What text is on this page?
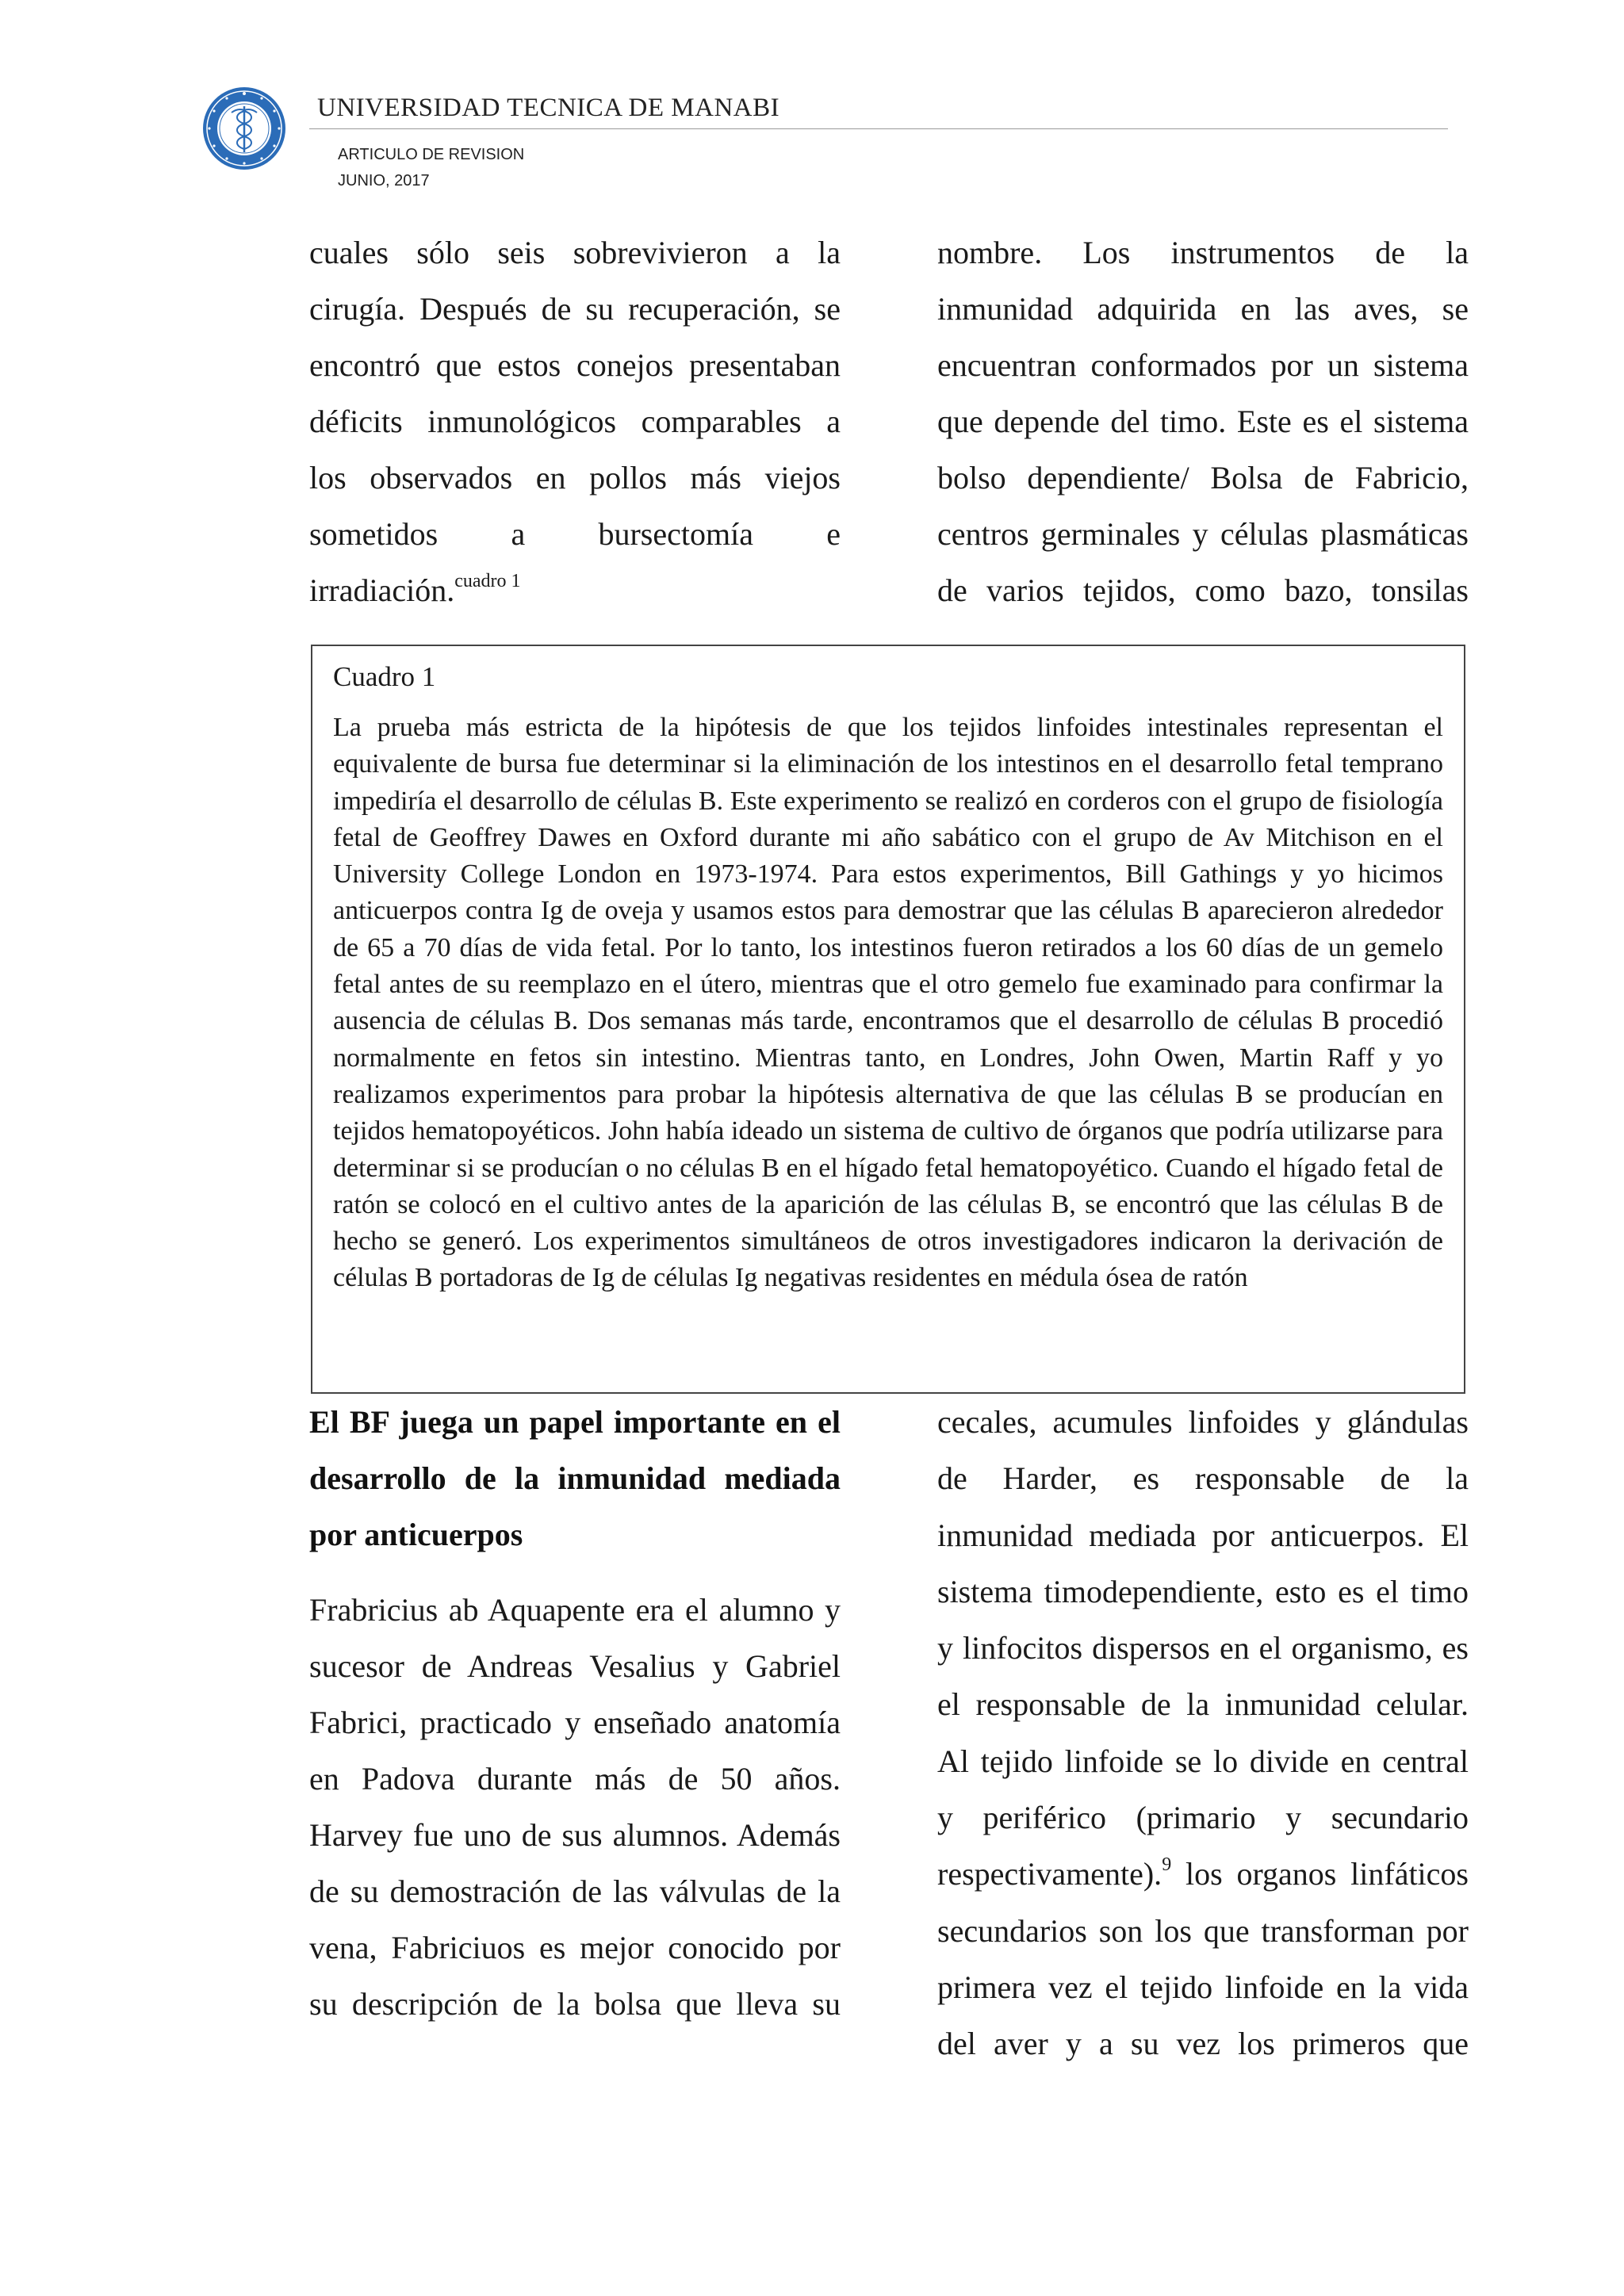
UNIVERSIDAD TECNICA DE MANABI
ARTICULO DE REVISION
JUNIO, 2017
cuales sólo seis sobrevivieron a la
cirugía. Después de su recuperación, se
encontró que estos conejos presentaban
déficits inmunológicos comparables a
los observados en pollos más viejos
sometidos a bursectomía e
irradiación.$^{cuadro 1}$
nombre. Los instrumentos de la
inmunidad adquirida en las aves, se
encuentran conformados por un sistema
que depende del timo. Este es el sistema
bolso dependiente/ Bolsa de Fabricio,
centros germinales y células plasmáticas
de varios tejidos, como bazo, tonsilas
Cuadro 1
La prueba más estricta de la hipótesis de que los tejidos linfoides intestinales representan el equivalente de bursa fue determinar si la eliminación de los intestinos en el desarrollo fetal temprano impediría el desarrollo de células B. Este experimento se realizó en corderos con el grupo de fisiología fetal de Geoffrey Dawes en Oxford durante mi año sabático con el grupo de Av Mitchison en el University College London en 1973-1974. Para estos experimentos, Bill Gathings y yo hicimos anticuerpos contra Ig de oveja y usamos estos para demostrar que las células B aparecieron alrededor de 65 a 70 días de vida fetal. Por lo tanto, los intestinos fueron retirados a los 60 días de un gemelo fetal antes de su reemplazo en el útero, mientras que el otro gemelo fue examinado para confirmar la ausencia de células B. Dos semanas más tarde, encontramos que el desarrollo de células B procedió normalmente en fetos sin intestino. Mientras tanto, en Londres, John Owen, Martin Raff y yo realizamos experimentos para probar la hipótesis alternativa de que las células B se producían en tejidos hematopoyéticos. John había ideado un sistema de cultivo de órganos que podría utilizarse para determinar si se producían o no células B en el hígado fetal hematopoyético. Cuando el hígado fetal de ratón se colocó en el cultivo antes de la aparición de las células B, se encontró que las células B de hecho se generó. Los experimentos simultáneos de otros investigadores indicaron la derivación de células B portadoras de Ig de células Ig negativas residentes en médula ósea de ratón
El BF juega un papel importante en el
desarrollo de la inmunidad mediada
por anticuerpos
Frabricius ab Aquapente era el alumno y
sucesor de Andreas Vesalius y Gabriel
Fabrici, practicado y enseñado anatomía
en Padova durante más de 50 años.
Harvey fue uno de sus alumnos. Además
de su demostración de las válvulas de la
vena, Fabriciuos es mejor conocido por
su descripción de la bolsa que lleva su
cecales, acumules linfoides y glándulas
de Harder, es responsable de la
inmunidad mediada por anticuerpos. El
sistema timodependiente, esto es el timo
y linfocitos dispersos en el organismo, es
el responsable de la inmunidad celular.
Al tejido linfoide se lo divide en central
y periférico (primario y secundario
respectivamente).$^9$ los organos linfáticos
secundarios son los que transforman por
primera vez el tejido linfoide en la vida
del aver y a su vez los primeros que
